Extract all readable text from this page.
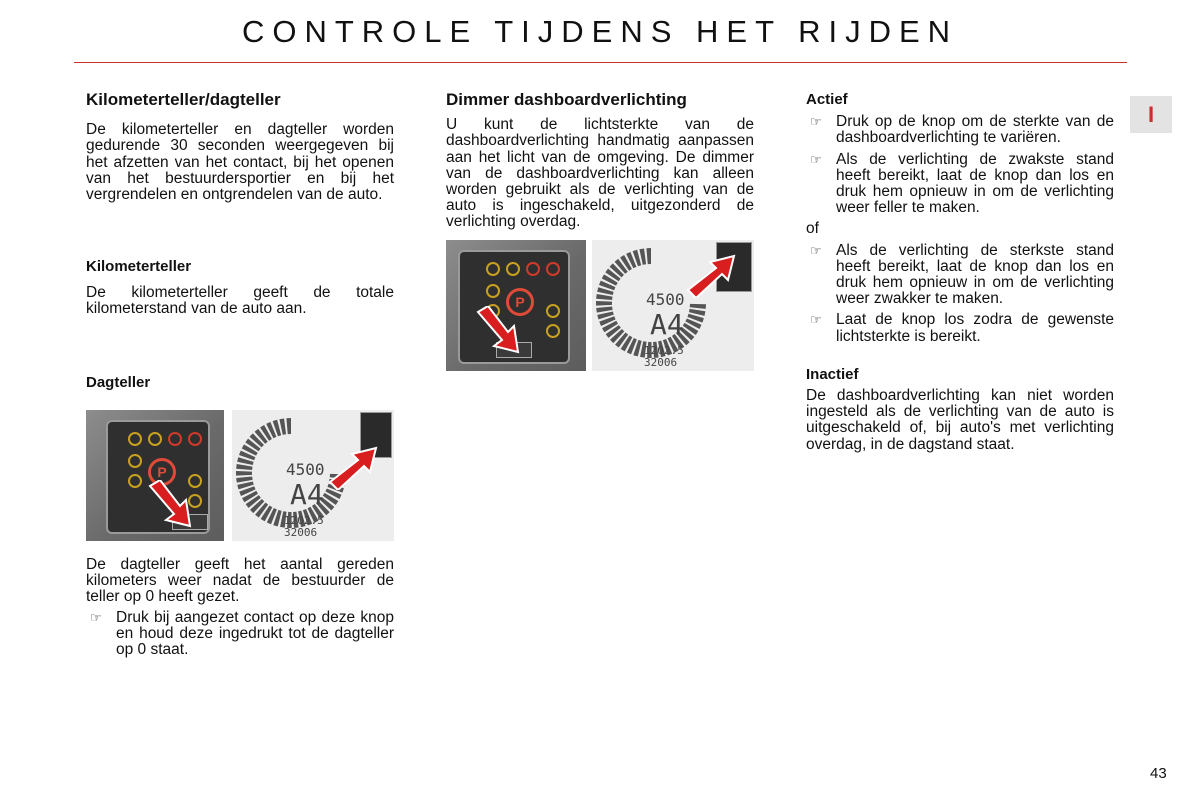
CONTROLE TIJDENS HET RIJDEN
I
Kilometerteller/dagteller

De kilometerteller en dagteller worden gedurende 30 seconden weergegeven bij het afzetten van het contact, bij het openen van het bestuurdersportier en bij het vergrendelen en ontgrendelen van de auto.

Kilometerteller

De kilometerteller geeft de totale kilometerstand van de auto aan.

Dagteller
P	4500
A4
1202.5
32006

De dagteller geeft het aantal gereden kilometers weer nadat de bestuurder de teller op 0 heeft gezet.

☞ Druk bij aangezet contact op deze knop en houd deze ingedrukt tot de dagteller op 0 staat.
Dimmer dashboardverlichting

U kunt de lichtsterkte van de dashboardverlichting handmatig aanpassen aan het licht van de omgeving. De dimmer van de dashboardverlichting kan alleen worden gebruikt als de verlichting van de auto is ingeschakeld, uitgezonderd de verlichting overdag.

P	4500
A4
1202.5
32006
Actief
☞ Druk op de knop om de sterkte van de dashboardverlichting te variëren.
☞ Als de verlichting de zwakste stand heeft bereikt, laat de knop dan los en druk hem opnieuw in om de verlichting weer feller te maken.

of

☞ Als de verlichting de sterkste stand heeft bereikt, laat de knop dan los en druk hem opnieuw in om de verlichting weer zwakker te maken.
☞ Laat de knop los zodra de gewenste lichtsterkte is bereikt.
Inactief

De dashboardverlichting kan niet worden ingesteld als de verlichting van de auto is uitgeschakeld of, bij auto's met verlichting overdag, in de dagstand staat.

43
